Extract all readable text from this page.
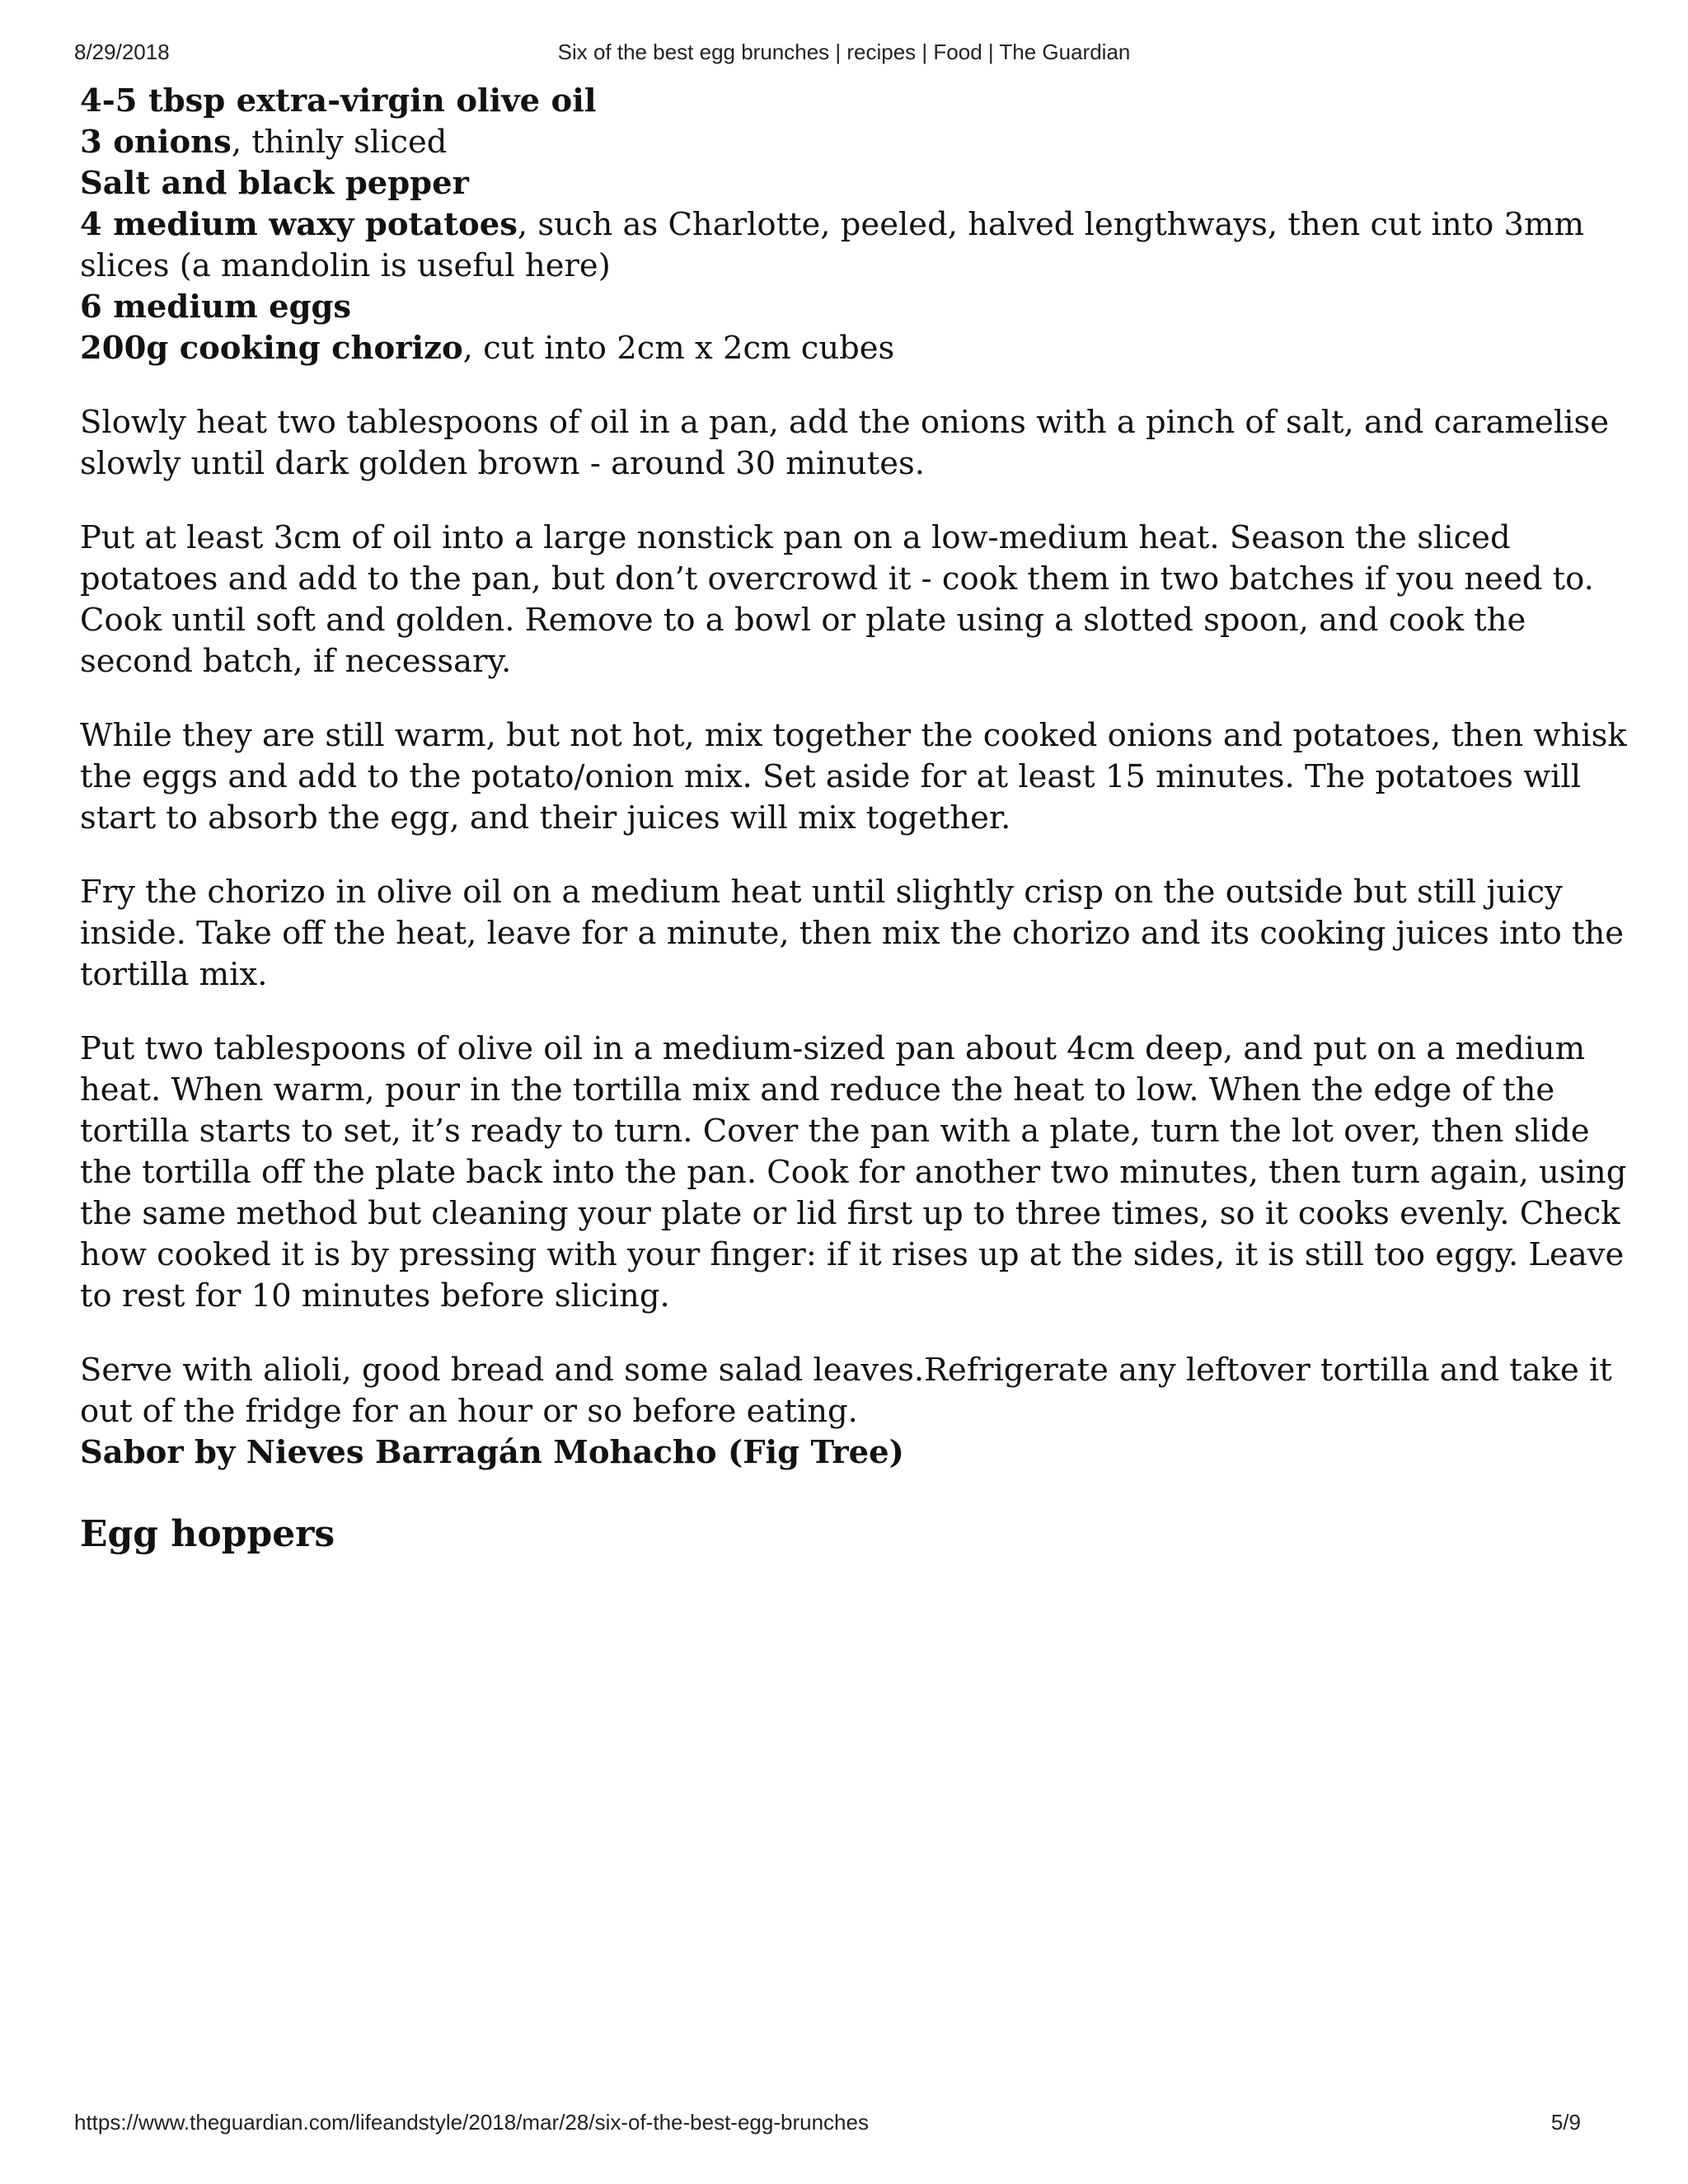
8/29/2018	Six of the best egg brunches | recipes | Food | The Guardian
4-5 tbsp extra-virgin olive oil
3 onions, thinly sliced
Salt and black pepper
4 medium waxy potatoes, such as Charlotte, peeled, halved lengthways, then cut into 3mm slices (a mandolin is useful here)
6 medium eggs
200g cooking chorizo, cut into 2cm x 2cm cubes

Slowly heat two tablespoons of oil in a pan, add the onions with a pinch of salt, and caramelise slowly until dark golden brown - around 30 minutes.

Put at least 3cm of oil into a large nonstick pan on a low-medium heat. Season the sliced potatoes and add to the pan, but don’t overcrowd it - cook them in two batches if you need to. Cook until soft and golden. Remove to a bowl or plate using a slotted spoon, and cook the second batch, if necessary.

While they are still warm, but not hot, mix together the cooked onions and potatoes, then whisk the eggs and add to the potato/onion mix. Set aside for at least 15 minutes. The potatoes will start to absorb the egg, and their juices will mix together.

Fry the chorizo in olive oil on a medium heat until slightly crisp on the outside but still juicy inside. Take off the heat, leave for a minute, then mix the chorizo and its cooking juices into the tortilla mix.

Put two tablespoons of olive oil in a medium-sized pan about 4cm deep, and put on a medium heat. When warm, pour in the tortilla mix and reduce the heat to low. When the edge of the tortilla starts to set, it’s ready to turn. Cover the pan with a plate, turn the lot over, then slide the tortilla off the plate back into the pan. Cook for another two minutes, then turn again, using the same method but cleaning your plate or lid first up to three times, so it cooks evenly. Check how cooked it is by pressing with your finger: if it rises up at the sides, it is still too eggy. Leave to rest for 10 minutes before slicing.

Serve with alioli, good bread and some salad leaves.Refrigerate any leftover tortilla and take it out of the fridge for an hour or so before eating.

Sabor by Nieves Barragán Mohacho (Fig Tree)

Egg hoppers
https://www.theguardian.com/lifeandstyle/2018/mar/28/six-of-the-best-egg-brunches	5/9
